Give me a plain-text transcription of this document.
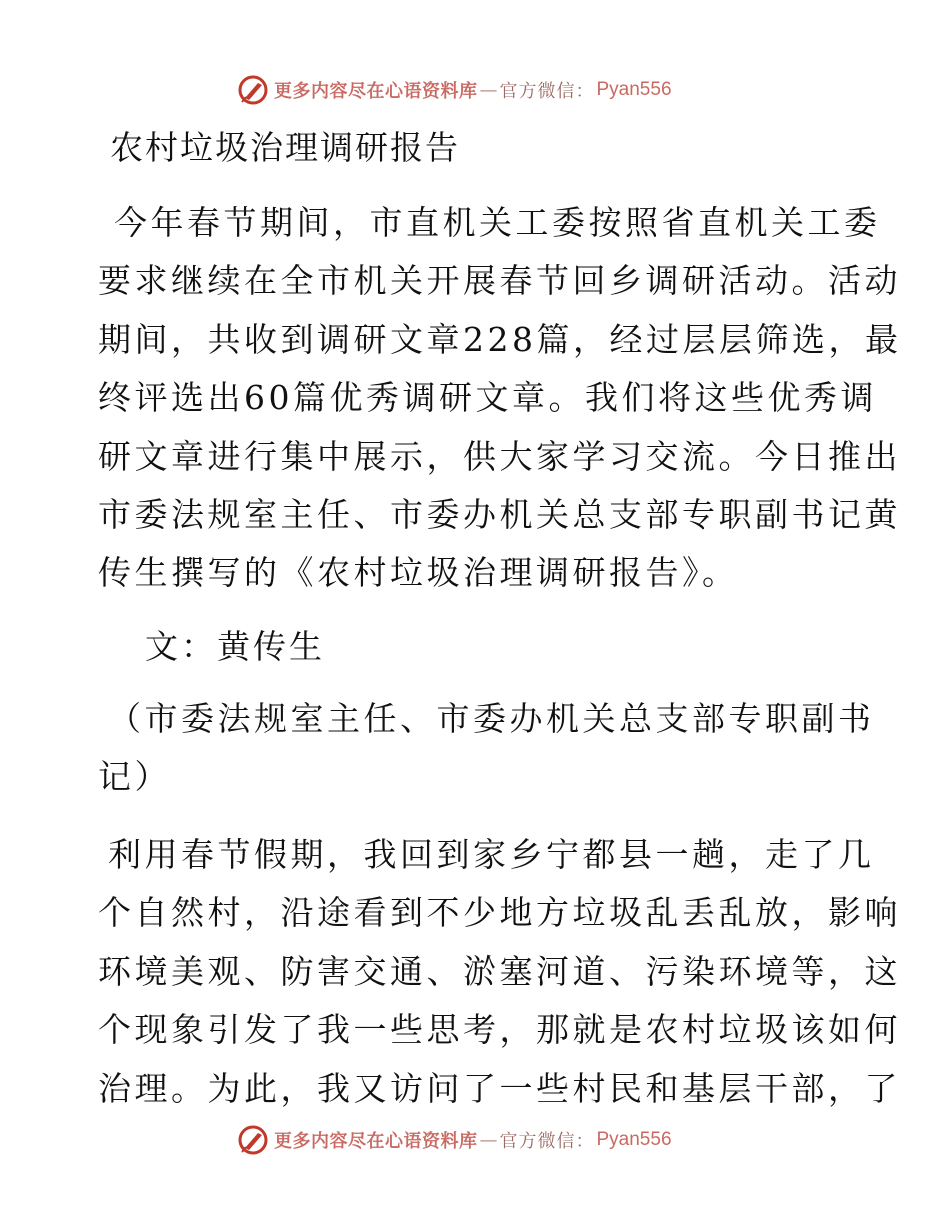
更多内容尽在心语资料库 — 官方微信： Pyan556
农村垃圾治理调研报告
今年春节期间，市直机关工委按照省直机关工委
要求继续在全市机关开展春节回乡调研活动。活动
期间，共收到调研文章228篇，经过层层筛选，最
终评选出60篇优秀调研文章。我们将这些优秀调
研文章进行集中展示，供大家学习交流。今日推出
市委法规室主任、市委办机关总支部专职副书记黄
传生撰写的《农村垃圾治理调研报告》。
文：黄传生
（市委法规室主任、市委办机关总支部专职副书
记）
利用春节假期，我回到家乡宁都县一趟，走了几
个自然村，沿途看到不少地方垃圾乱丢乱放，影响
环境美观、防害交通、淤塞河道、污染环境等，这
个现象引发了我一些思考，那就是农村垃圾该如何
治理。为此，我又访问了一些村民和基层干部，了
更多内容尽在心语资料库 — 官方微信： Pyan556
